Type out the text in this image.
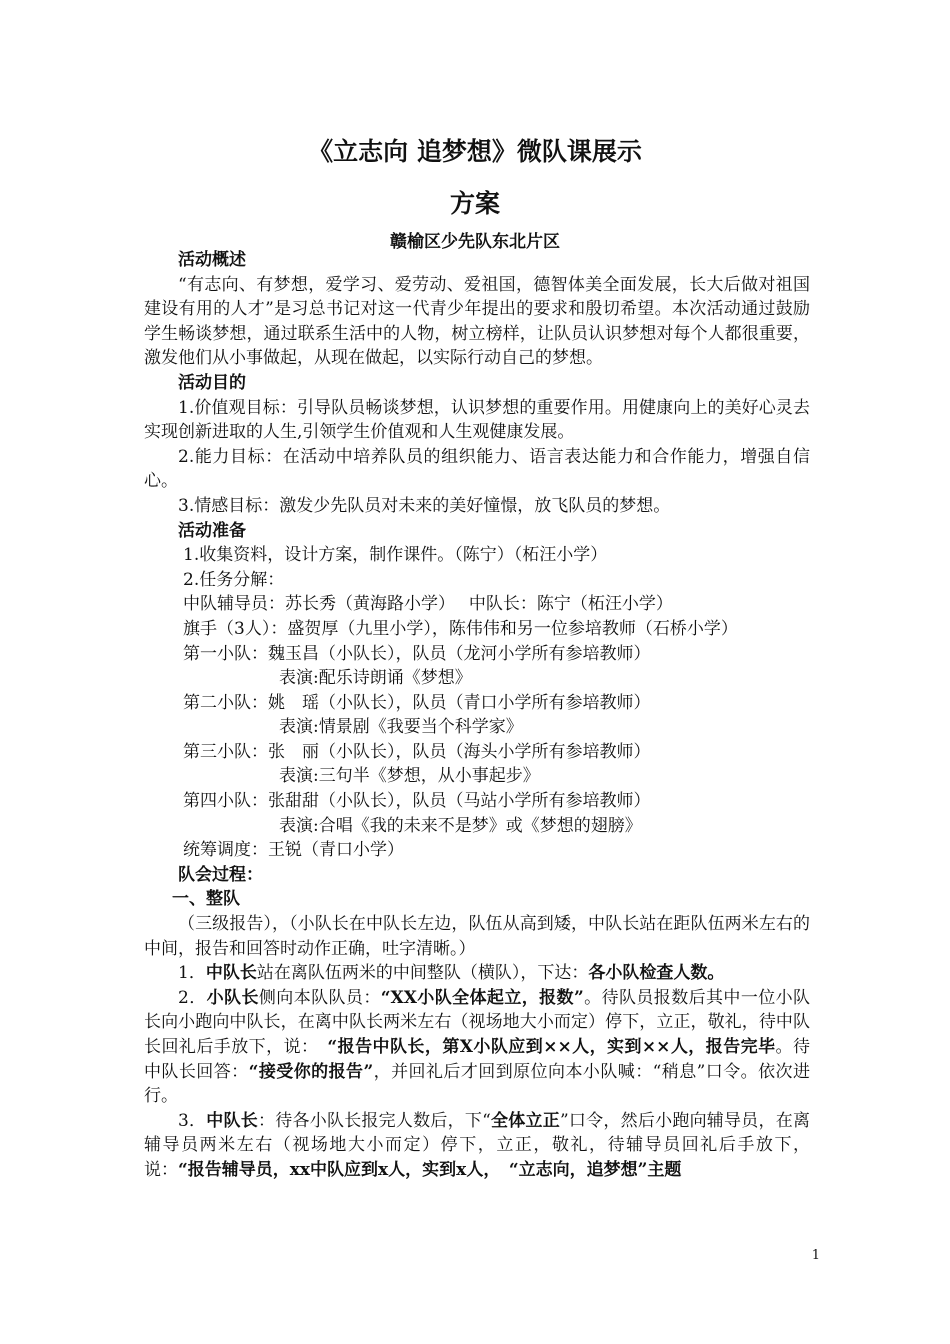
《立志向 追梦想》微队课展示
方案
赣榆区少先队东北片区
活动概述
“有志向、有梦想，爱学习、爱劳动、爱祖国，德智体美全面发展，长大后做对祖国建设有用的人才”是习总书记对这一代青少年提出的要求和殷切希望。本次活动通过鼓励学生畅谈梦想，通过联系生活中的人物，树立榜样，让队员认识梦想对每个人都很重要，激发他们从小事做起，从现在做起，以实际行动自己的梦想。
活动目的
1.价值观目标：引导队员畅谈梦想，认识梦想的重要作用。用健康向上的美好心灵去实现创新进取的人生,引领学生价值观和人生观健康发展。
2.能力目标：在活动中培养队员的组织能力、语言表达能力和合作能力，增强自信心。
3.情感目标：激发少先队员对未来的美好憧憬，放飞队员的梦想。
活动准备
1.收集资料，设计方案，制作课件。（陈宁）（柘汪小学）
2.任务分解：
中队辅导员：苏长秀（黄海路小学）　 中队长：陈宁（柘汪小学）
旗手（3人）：盛贺厚（九里小学），陈伟伟和另一位参培教师（石桥小学）
第一小队：魏玉昌（小队长），队员（龙河小学所有参培教师）
表演:配乐诗朗诵《梦想》
第二小队：姚　瑶（小队长），队员（青口小学所有参培教师）
表演:情景剧《我要当个科学家》
第三小队：张　丽（小队长），队员（海头小学所有参培教师）
表演:三句半《梦想，从小事起步》
第四小队：张甜甜（小队长），队员（马站小学所有参培教师）
表演:合唱《我的未来不是梦》或《梦想的翅膀》
统筹调度：王锐（青口小学）
队会过程：
一、整队
（三级报告），（小队长在中队长左边，队伍从高到矮，中队长站在距队伍两米左右的中间，报告和回答时动作正确，吐字清晰。）
1．中队长站在离队伍两米的中间整队（横队），下达：各小队检查人数。
2．小队长侧向本队队员：“XX小队全体起立，报数”。待队员报数后其中一位小队长向小跑向中队长，在离中队长两米左右（视场地大小而定）停下，立正，敬礼，待中队长回礼后手放下，说：　“报告中队长，第X小队应到××人，实到××人，报告完毕。待中队长回答：“接受你的报告”，并回礼后才回到原位向本小队喊：“稍息”口令。依次进行。
3．中队长：待各小队长报完人数后，下“全体立正”口令，然后小跑向辅导员，在离辅导员两米左右（视场地大小而定）停下，立正，敬礼，待辅导员回礼后手放下，说：“报告辅导员，xx中队应到x人，实到x人，　“立志向，追梦想”主题
1
